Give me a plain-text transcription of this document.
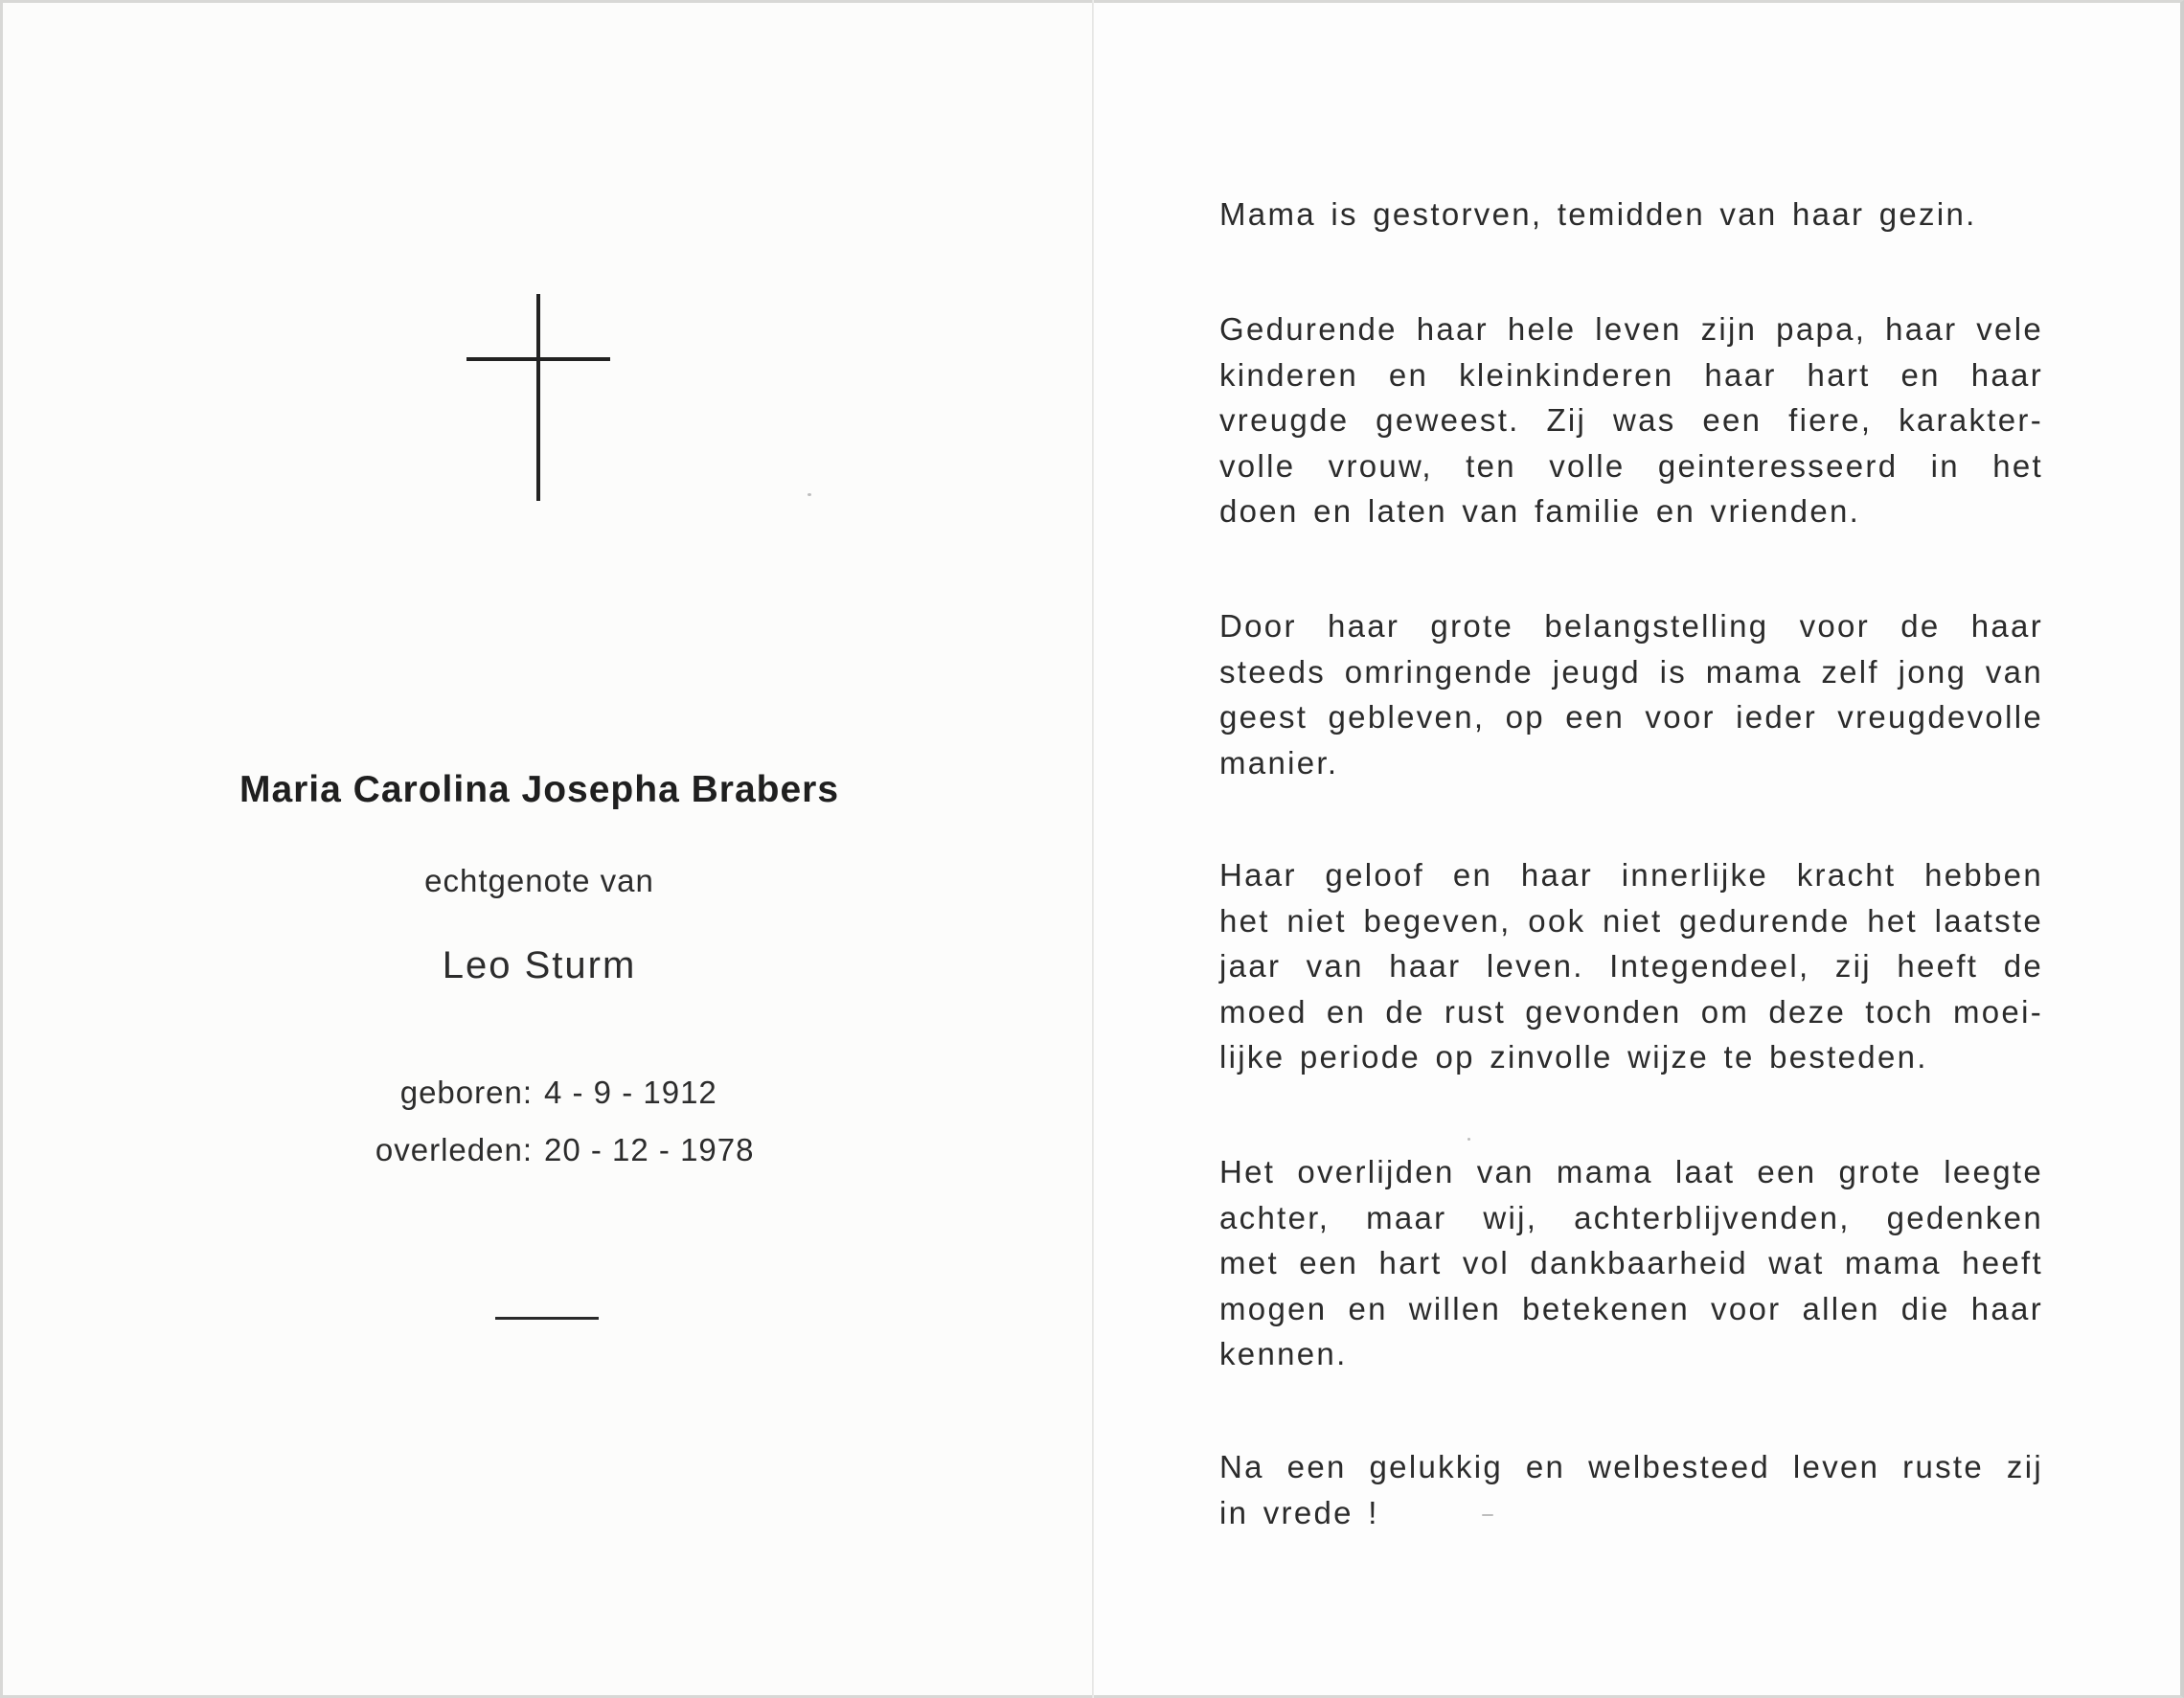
Maria Carolina Josepha Brabers
echtgenote van
Leo Sturm
geboren: 4 - 9 - 1912
overleden: 20 - 12 - 1978
Mama is gestorven, temidden van haar gezin.
Gedurende haar hele leven zijn papa, haar vele
kinderen en kleinkinderen haar hart en haar
vreugde geweest. Zij was een fiere, karakter-
volle vrouw, ten volle geinteresseerd in het
doen en laten van familie en vrienden.
Door haar grote belangstelling voor de haar
steeds omringende jeugd is mama zelf jong van
geest gebleven, op een voor ieder vreugdevolle
manier.
Haar geloof en haar innerlijke kracht hebben
het niet begeven, ook niet gedurende het laatste
jaar van haar leven. Integendeel, zij heeft de
moed en de rust gevonden om deze toch moei-
lijke periode op zinvolle wijze te besteden.
Het overlijden van mama laat een grote leegte
achter, maar wij, achterblijvenden, gedenken
met een hart vol dankbaarheid wat mama heeft
mogen en willen betekenen voor allen die haar
kennen.
Na een gelukkig en welbesteed leven ruste zij
in vrede !
